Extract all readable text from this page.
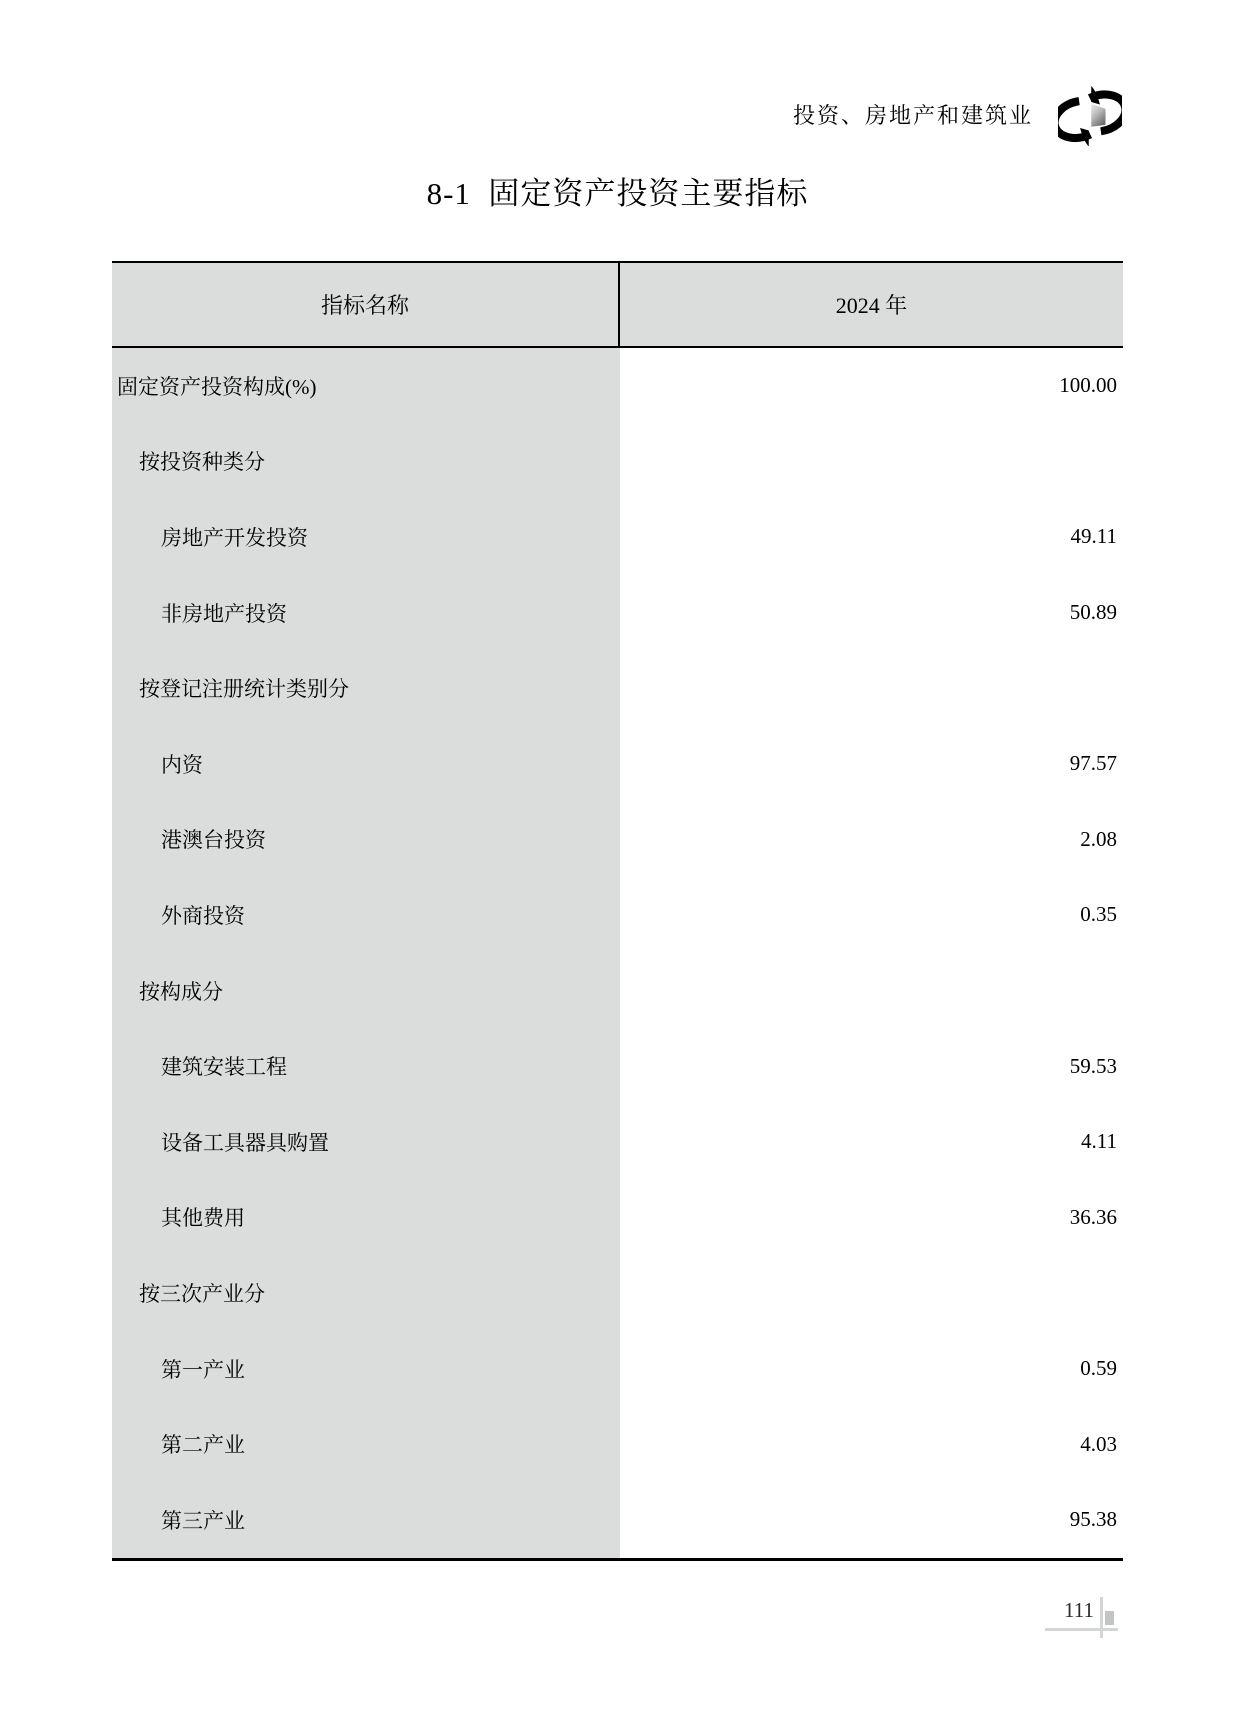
投资、房地产和建筑业
8-1  固定资产投资主要指标
指标名称	2024 年
固定资产投资构成(%)	100.00
按投资种类分
房地产开发投资	49.11
非房地产投资	50.89
按登记注册统计类别分
内资	97.57
港澳台投资	2.08
外商投资	0.35
按构成分
建筑安装工程	59.53
设备工具器具购置	4.11
其他费用	36.36
按三次产业分
第一产业	0.59
第二产业	4.03
第三产业	95.38
111
